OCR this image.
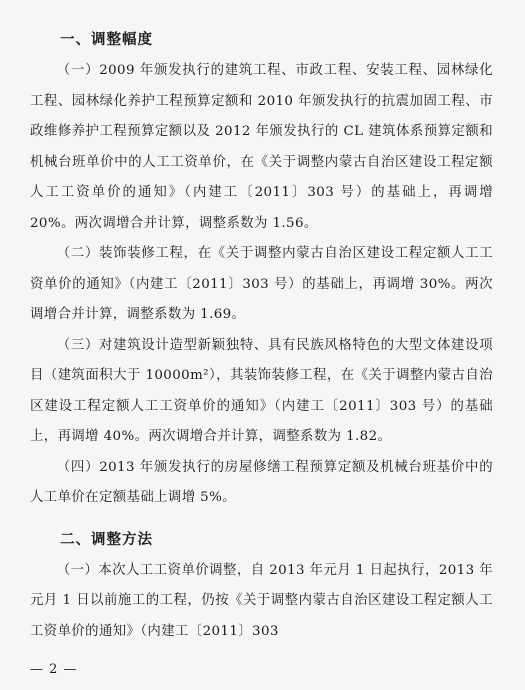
一、调整幅度

（一）2009 年颁发执行的建筑工程、市政工程、安装工程、园林绿化工程、园林绿化养护工程预算定额和 2010 年颁发执行的抗震加固工程、市政维修养护工程预算定额以及 2012 年颁发执行的 CL 建筑体系预算定额和机械台班单价中的人工工资单价，在《关于调整内蒙古自治区建设工程定额人工工资单价的通知》（内建工〔2011〕303 号）的基础上，再调增 20%。两次调增合并计算，调整系数为 1.56。

（二）装饰装修工程，在《关于调整内蒙古自治区建设工程定额人工工资单价的通知》（内建工〔2011〕303 号）的基础上，再调增 30%。两次调增合并计算，调整系数为 1.69。

（三）对建筑设计造型新颖独特、具有民族风格特色的大型文体建设项目（建筑面积大于 10000m²），其装饰装修工程，在《关于调整内蒙古自治区建设工程定额人工工资单价的通知》（内建工〔2011〕303 号）的基础上，再调增 40%。两次调增合并计算，调整系数为 1.82。

（四）2013 年颁发执行的房屋修缮工程预算定额及机械台班基价中的人工单价在定额基础上调增 5%。

二、调整方法

（一）本次人工工资单价调整，自 2013 年元月 1 日起执行，2013 年元月 1 日以前施工的工程，仍按《关于调整内蒙古自治区建设工程定额人工工资单价的通知》（内建工〔2011〕303

— 2 —
